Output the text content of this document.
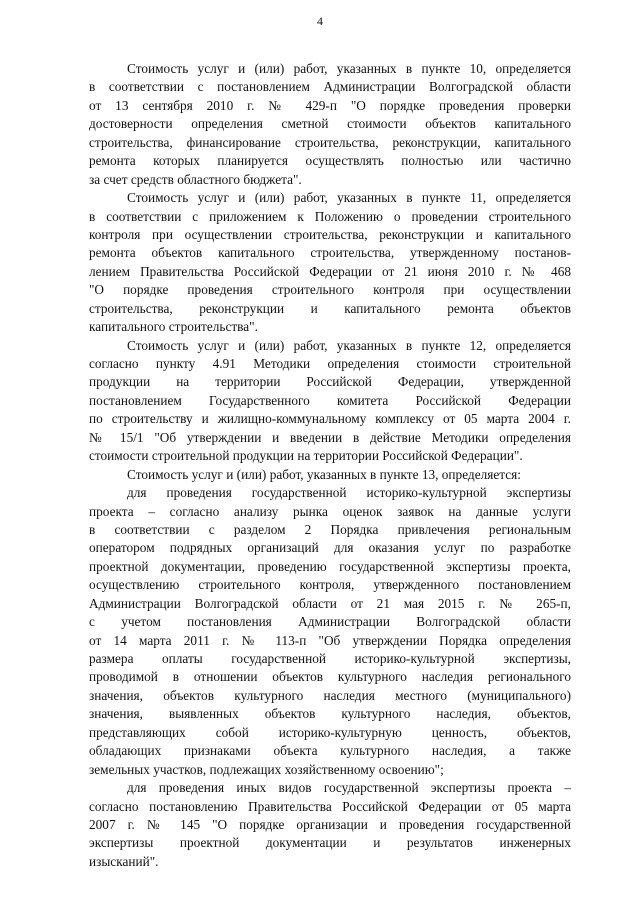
4
Стоимость услуг и (или) работ, указанных в пункте 10, определяется
в соответствии с постановлением Администрации Волгоградской области
от 13 сентября 2010 г. № 429-п "О порядке проведения проверки
достоверности определения сметной стоимости объектов капитального
строительства, финансирование строительства, реконструкции, капитального
ремонта которых планируется осуществлять полностью или частично
за счет средств областного бюджета".
Стоимость услуг и (или) работ, указанных в пункте 11, определяется
в соответствии с приложением к Положению о проведении строительного
контроля при осуществлении строительства, реконструкции и капитального
ремонта объектов капитального строительства, утвержденному постанов-
лением Правительства Российской Федерации от 21 июня 2010 г. № 468
"О порядке проведения строительного контроля при осуществлении
строительства, реконструкции и капитального ремонта объектов
капитального строительства".
Стоимость услуг и (или) работ, указанных в пункте 12, определяется
согласно пункту 4.91 Методики определения стоимости строительной
продукции на территории Российской Федерации, утвержденной
постановлением Государственного комитета Российской Федерации
по строительству и жилищно-коммунальному комплексу от 05 марта 2004 г.
№ 15/1 "Об утверждении и введении в действие Методики определения
стоимости строительной продукции на территории Российской Федерации".
Стоимость услуг и (или) работ, указанных в пункте 13, определяется:
для проведения государственной историко-культурной экспертизы
проекта – согласно анализу рынка оценок заявок на данные услуги
в соответствии с разделом 2 Порядка привлечения региональным
оператором подрядных организаций для оказания услуг по разработке
проектной документации, проведению государственной экспертизы проекта,
осуществлению строительного контроля, утвержденного постановлением
Администрации Волгоградской области от 21 мая 2015 г. № 265-п,
с учетом постановления Администрации Волгоградской области
от 14 марта 2011 г. № 113-п "Об утверждении Порядка определения
размера оплаты государственной историко-культурной экспертизы,
проводимой в отношении объектов культурного наследия регионального
значения, объектов культурного наследия местного (муниципального)
значения, выявленных объектов культурного наследия, объектов,
представляющих собой историко-культурную ценность, объектов,
обладающих признаками объекта культурного наследия, а также
земельных участков, подлежащих хозяйственному освоению";
для проведения иных видов государственной экспертизы проекта –
согласно постановлению Правительства Российской Федерации от 05 марта
2007 г. № 145 "О порядке организации и проведения государственной
экспертизы проектной документации и результатов инженерных
изысканий".
